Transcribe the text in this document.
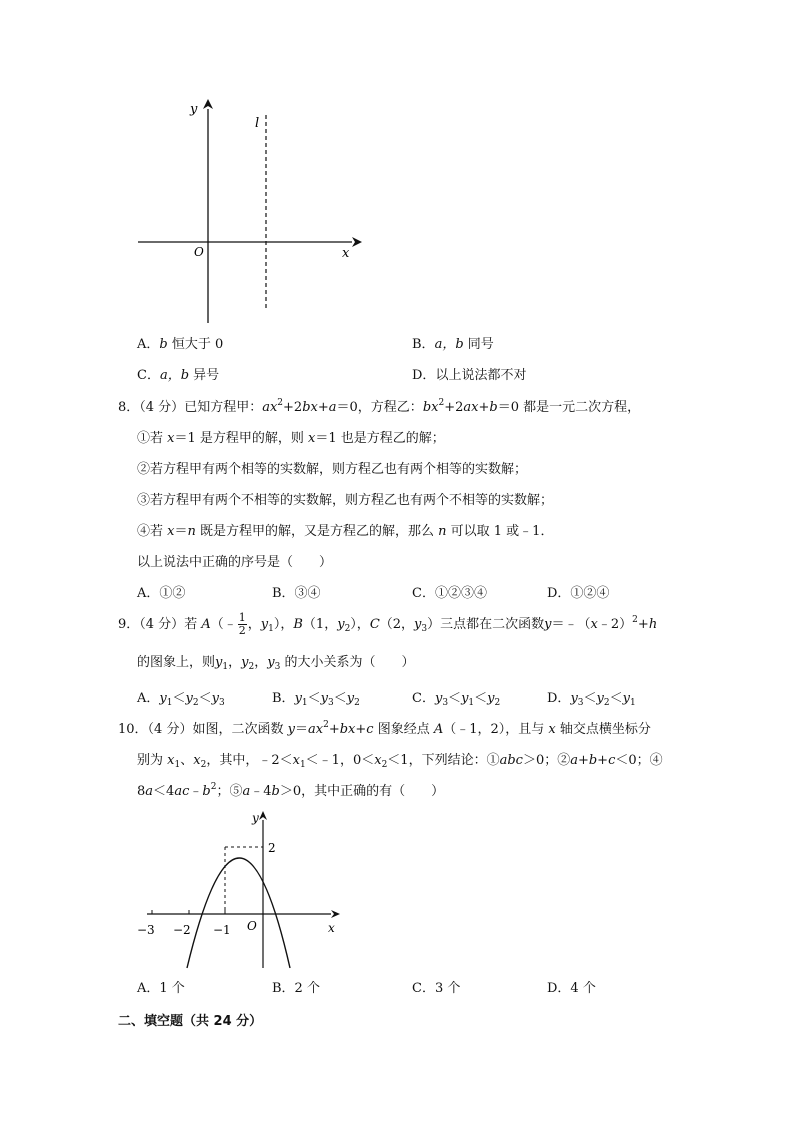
y
x
O
l
A．b 恒大于 0	B．a，b 同号
C．a，b 异号	D．以上说法都不对
8．（4 分）已知方程甲：$ax^2+2bx+a=0$，方程乙：$bx^2+2ax+b=0$ 都是一元二次方程，
①若 x＝1 是方程甲的解，则 x＝1 也是方程乙的解；
②若方程甲有两个相等的实数解，则方程乙也有两个相等的实数解；
③若方程甲有两个不相等的实数解，则方程乙也有两个不相等的实数解；
④若 x＝n 既是方程甲的解，又是方程乙的解，那么 n 可以取 1 或﹣1．
以上说法中正确的序号是（　　）
A．①②	B．③④	C．①②③④	D．①②④
9．（4 分）若 A（﹣ $\frac{1}{2}$ ，$y_1$），B（1，$y_2$），C（2，$y_3$）三点都在二次函数y＝﹣（x﹣2）$^2$+h
的图象上，则$y_1$，$y_2$，$y_3$ 的大小关系为（　　）
A．$y_1<y_2<y_3$	B．$y_1<y_3<y_2$	C．$y_3<y_1<y_2$	D．$y_3<y_2<y_1$
10．（4 分）如图，二次函数 $y=ax^2+bx+c$ 图象经点 A（﹣1，2），且与 x 轴交点横坐标分
别为 $x_1$、$x_2$，其中，$﹣2<x_1<﹣1$，$0<x_2<1$，下列结论：①abc＞0；②a+b+c＜0；④
$8a<4ac﹣b^2$；⑤a﹣4b＞0，其中正确的有（　　）
y
x
O
2
−3 −2 −1
A．1 个	B．2 个	C．3 个	D．4 个
二、填空题（共 24 分）
